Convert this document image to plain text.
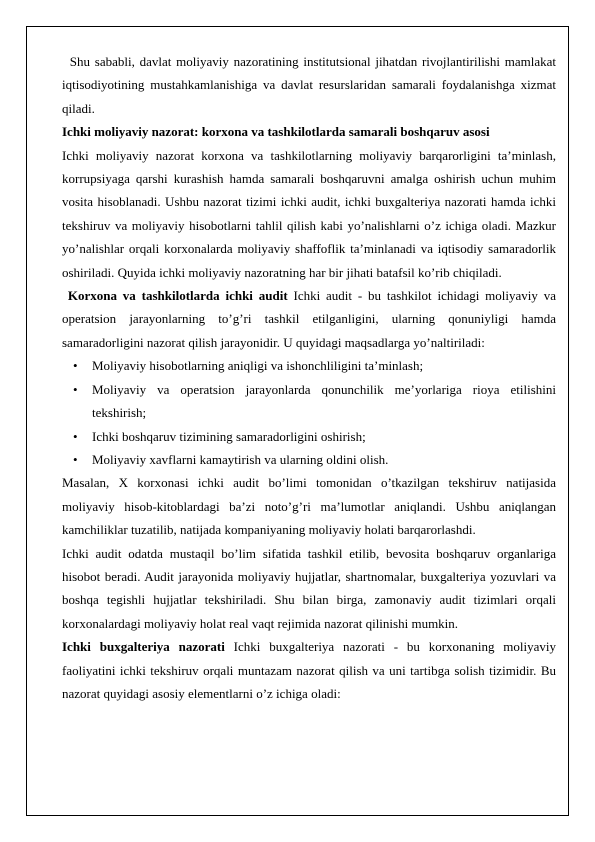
Shu sababli, davlat moliyaviy nazoratining institutsional jihatdan rivojlantirilishi mamlakat iqtisodiyotining mustahkamlanishiga va davlat resurslaridan samarali foydalanishga xizmat qiladi.

Ichki moliyaviy nazorat: korxona va tashkilotlarda samarali boshqaruv asosi

Ichki moliyaviy nazorat korxona va tashkilotlarning moliyaviy barqarorligini ta’minlash, korrupsiyaga qarshi kurashish hamda samarali boshqaruvni amalga oshirish uchun muhim vosita hisoblanadi. Ushbu nazorat tizimi ichki audit, ichki buxgalteriya nazorati hamda ichki tekshiruv va moliyaviy hisobotlarni tahlil qilish kabi yo’nalishlarni o’z ichiga oladi. Mazkur yo’nalishlar orqali korxonalarda moliyaviy shaffoflik ta’minlanadi va iqtisodiy samaradorlik oshiriladi. Quyida ichki moliyaviy nazoratning har bir jihati batafsil ko’rib chiqiladi.

Korxona va tashkilotlarda ichki audit Ichki audit - bu tashkilot ichidagi moliyaviy va operatsion jarayonlarning to’g’ri tashkil etilganligini, ularning qonuniyligi hamda samaradorligini nazorat qilish jarayonidir. U quyidagi maqsadlarga yo’naltiriladi:

• Moliyaviy hisobotlarning aniqligi va ishonchliligini ta’minlash;
• Moliyaviy va operatsion jarayonlarda qonunchilik me’yorlariga rioya etilishini tekshirish;
• Ichki boshqaruv tizimining samaradorligini oshirish;
• Moliyaviy xavflarni kamaytirish va ularning oldini olish.

Masalan, X korxonasi ichki audit bo’limi tomonidan o’tkazilgan tekshiruv natijasida moliyaviy hisob-kitoblardagi ba’zi noto’g’ri ma’lumotlar aniqlandi. Ushbu aniqlangan kamchiliklar tuzatilib, natijada kompaniyaning moliyaviy holati barqarorlashdi.

Ichki audit odatda mustaqil bo’lim sifatida tashkil etilib, bevosita boshqaruv organlariga hisobot beradi. Audit jarayonida moliyaviy hujjatlar, shartnomalar, buxgalteriya yozuvlari va boshqa tegishli hujjatlar tekshiriladi. Shu bilan birga, zamonaviy audit tizimlari orqali korxonalardagi moliyaviy holat real vaqt rejimida nazorat qilinishi mumkin.

Ichki buxgalteriya nazorati Ichki buxgalteriya nazorati - bu korxonaning moliyaviy faoliyatini ichki tekshiruv orqali muntazam nazorat qilish va uni tartibga solish tizimidir. Bu nazorat quyidagi asosiy elementlarni o’z ichiga oladi:
